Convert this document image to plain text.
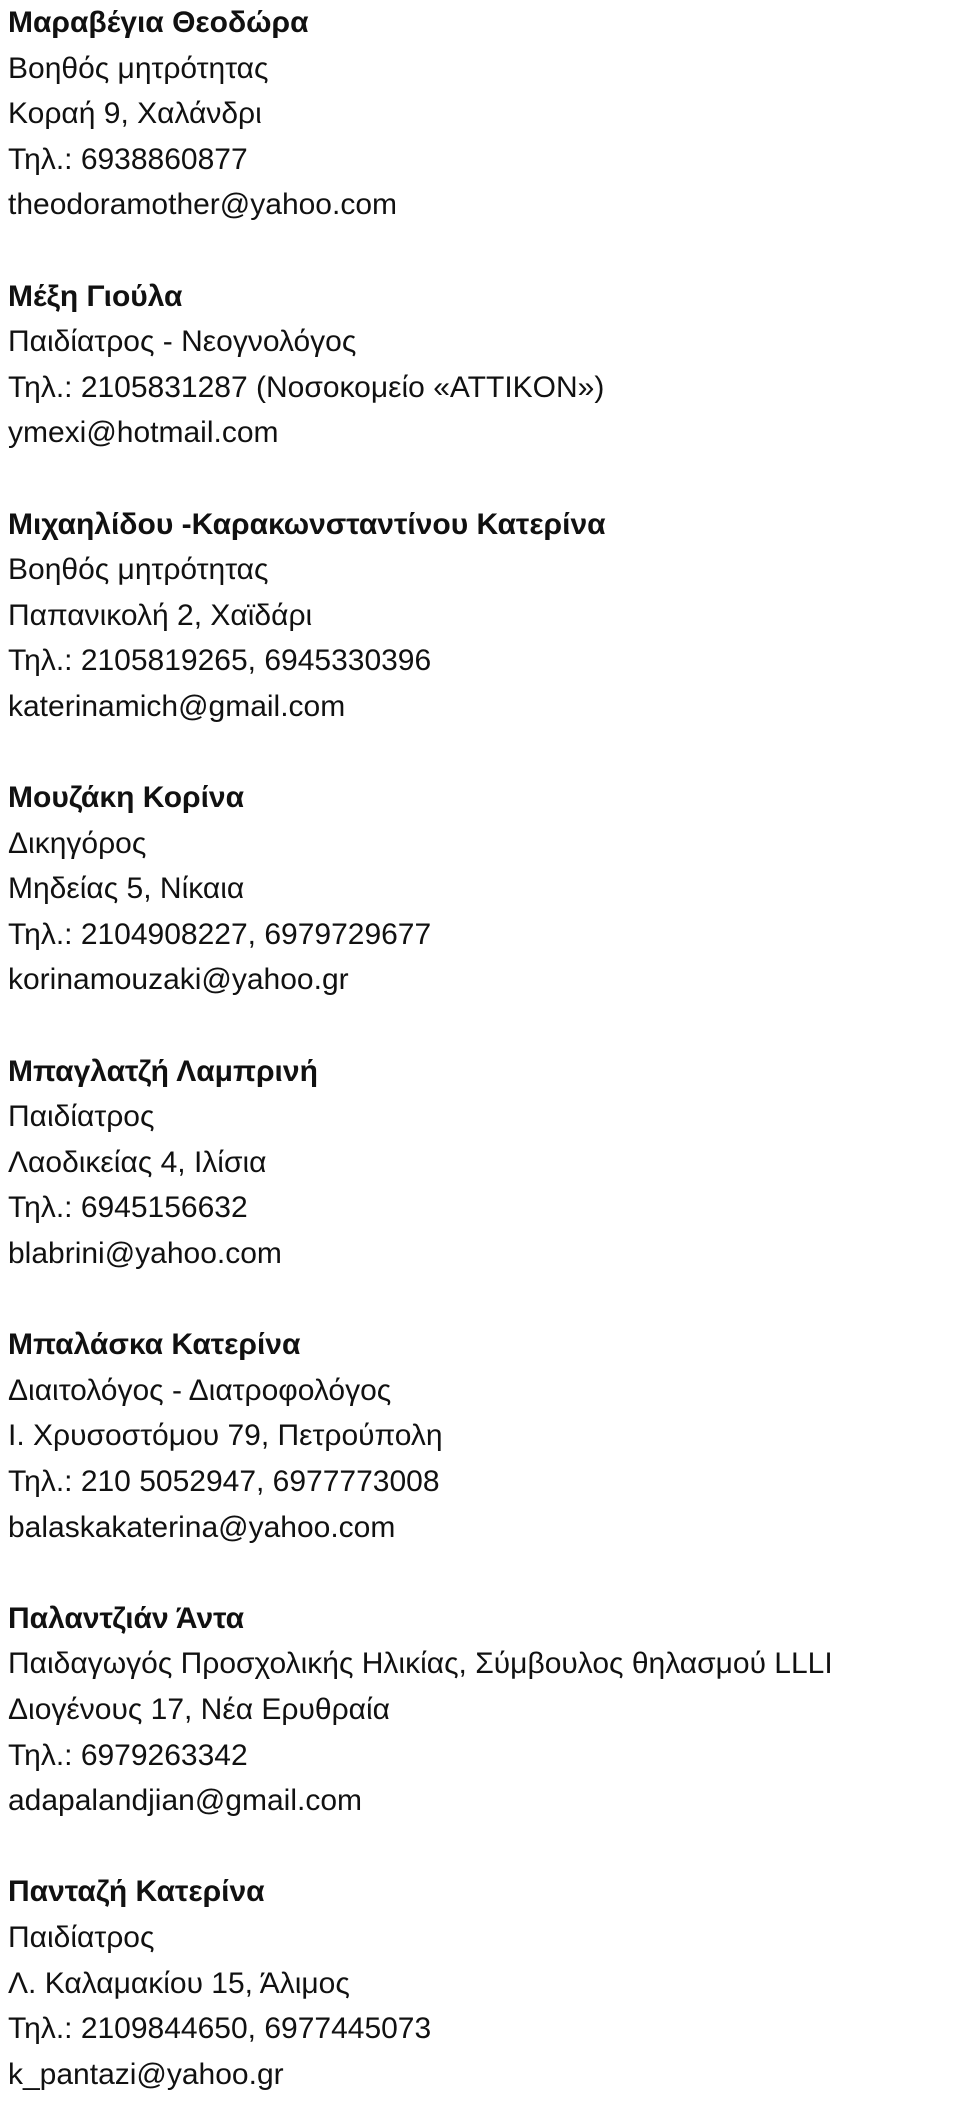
Μαραβέγια Θεοδώρα
Βοηθός μητρότητας
Κοραή 9, Χαλάνδρι
Τηλ.: 6938860877
theodoramother@yahoo.com
Μέξη Γιούλα
Παιδίατρος - Νεογνολόγος
Τηλ.: 2105831287 (Νοσοκομείο «ATTIKON»)
ymexi@hotmail.com
Μιχαηλίδου -Καρακωνσταντίνου Κατερίνα
Βοηθός μητρότητας
Παπανικολή 2, Χαϊδάρι
Τηλ.: 2105819265, 6945330396
katerinamich@gmail.com
Μουζάκη Κορίνα
Δικηγόρος
Μηδείας 5, Νίκαια
Τηλ.: 2104908227, 6979729677
korinamouzaki@yahoo.gr
Μπαγλατζή Λαμπρινή
Παιδίατρος
Λαοδικείας 4, Ιλίσια
Τηλ.: 6945156632
blabrini@yahoo.com
Μπαλάσκα Κατερίνα
Διαιτολόγος - Διατροφολόγος
Ι. Χρυσοστόμου 79, Πετρούπολη
Τηλ.: 210 5052947, 6977773008
balaskakaterina@yahoo.com
Παλαντζιάν Άντα
Παιδαγωγός Προσχολικής Ηλικίας, Σύμβουλος θηλασμού LLLI
Διογένους 17, Νέα Ερυθραία
Τηλ.: 6979263342
adapalandjian@gmail.com
Πανταζή Κατερίνα
Παιδίατρος
Λ. Καλαμακίου 15, Άλιμος
Τηλ.: 2109844650, 6977445073
k_pantazi@yahoo.gr
